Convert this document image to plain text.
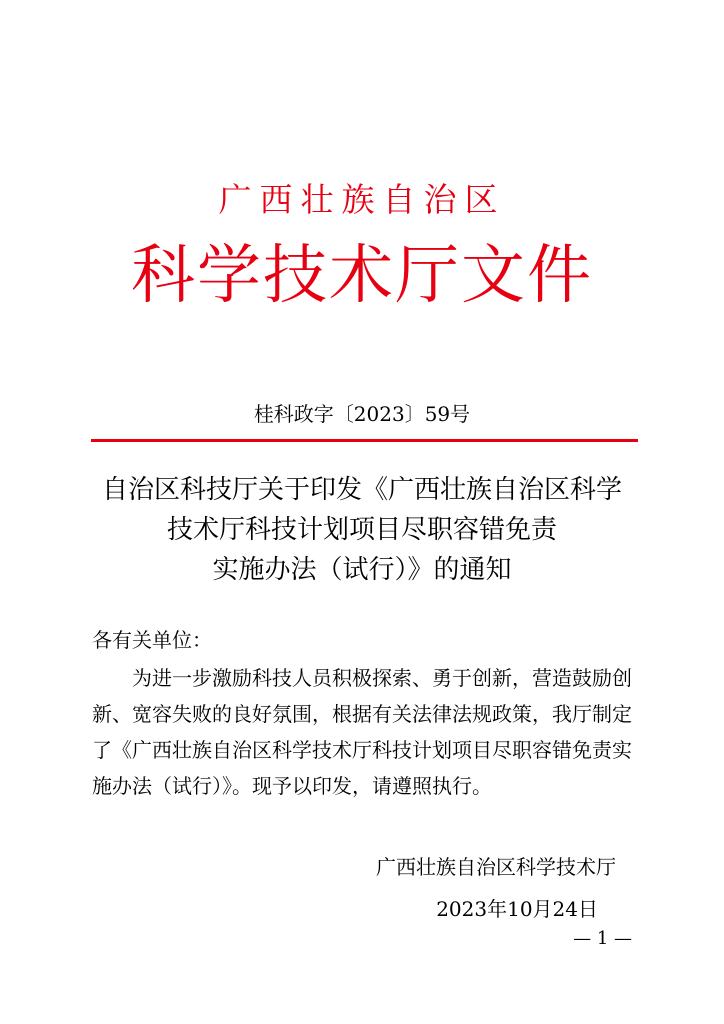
广西壮族自治区
科学技术厅文件
桂科政字〔2023〕59号
自治区科技厅关于印发《广西壮族自治区科学
技术厅科技计划项目尽职容错免责
实施办法（试行）》的通知
各有关单位：
为进一步激励科技人员积极探索、勇于创新，营造鼓励创
新、宽容失败的良好氛围，根据有关法律法规政策，我厅制定
了《广西壮族自治区科学技术厅科技计划项目尽职容错免责实
施办法（试行）》。现予以印发，请遵照执行。
广西壮族自治区科学技术厅
2023年10月24日
— 1 —
